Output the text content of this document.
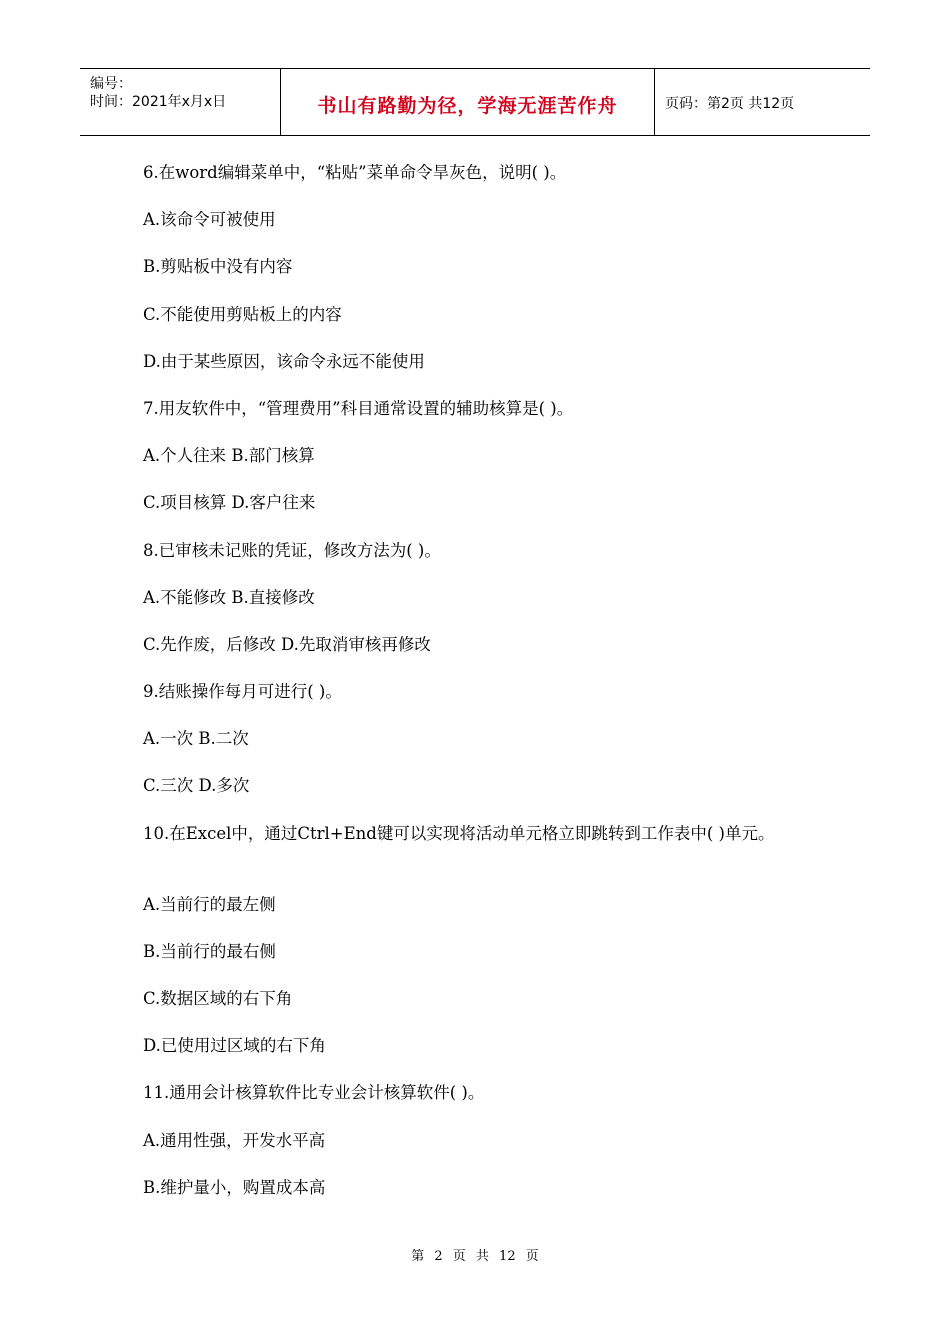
编号：
时间：2021年x月x日	书山有路勤为径，学海无涯苦作舟	页码：第2页 共12页
6.在word编辑菜单中，“粘贴”菜单命令旱灰色，说明( )。
A.该命令可被使用
B.剪贴板中没有内容
C.不能使用剪贴板上的内容
D.由于某些原因，该命令永远不能使用
7.用友软件中，“管理费用”科目通常设置的辅助核算是( )。
A.个人往来 B.部门核算
C.项目核算 D.客户往来
8.已审核未记账的凭证，修改方法为( )。
A.不能修改 B.直接修改
C.先作废，后修改 D.先取消审核再修改
9.结账操作每月可进行( )。
A.一次 B.二次
C.三次 D.多次
10.在Excel中，通过Ctrl+End键可以实现将活动单元格立即跳转到工作表中( )单元。
A.当前行的最左侧
B.当前行的最右侧
C.数据区域的右下角
D.已使用过区域的右下角
11.通用会计核算软件比专业会计核算软件( )。
A.通用性强，开发水平高
B.维护量小，购置成本高
第 2 页 共 12 页
